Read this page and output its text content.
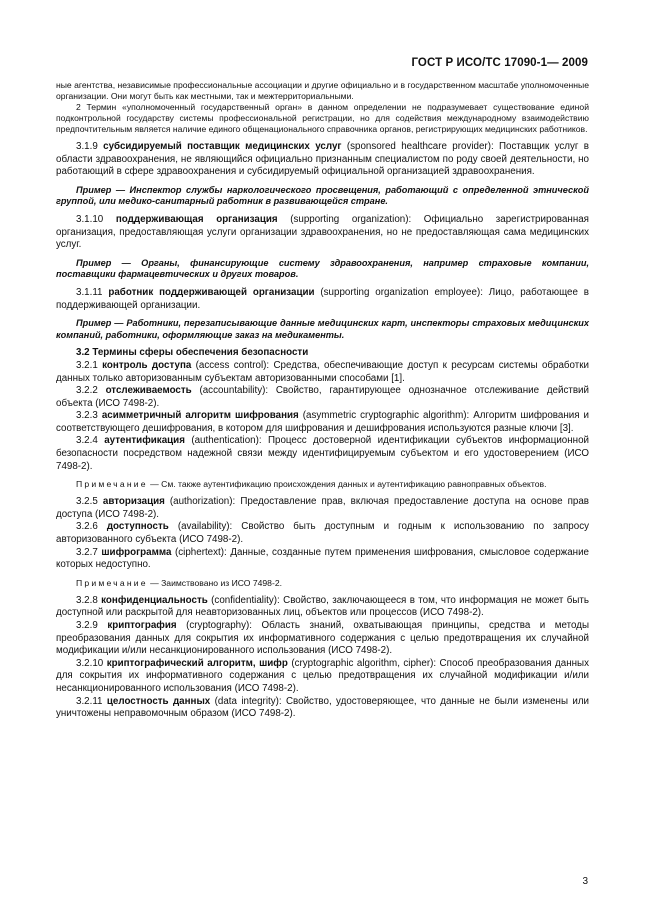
ГОСТ Р ИСО/ТС 17090-1— 2009

ные агентства, независимые профессиональные ассоциации и другие официально и в государственном масштабе уполномоченные организации. Они могут быть как местными, так и межтерриториальными.

2 Термин «уполномоченный государственный орган» в данном определении не подразумевает существование единой подконтрольной государству системы профессиональной регистрации, но для содействия международному взаимодействию предпочтительным является наличие единого общенационального справочника органов, регистрирующих медицинских работников.

3.1.9 субсидируемый поставщик медицинских услуг (sponsored healthcare provider): Поставщик услуг в области здравоохранения, не являющийся официально признанным специалистом по роду своей деятельности, но работающий в сфере здравоохранения и субсидируемый официальной организацией здравоохранения.

Пример — Инспектор службы наркологического просвещения, работающий с определенной этнической группой, или медико-санитарный работник в развивающейся стране.

3.1.10 поддерживающая организация (supporting organization): Официально зарегистрированная организация, предоставляющая услуги организации здравоохранения, но не предоставляющая сама медицинских услуг.

Пример — Органы, финансирующие систему здравоохранения, например страховые компании, поставщики фармацевтических и других товаров.

3.1.11 работник поддерживающей организации (supporting organization employee): Лицо, работающее в поддерживающей организации.

Пример — Работники, перезаписывающие данные медицинских карт, инспекторы страховых медицинских компаний, работники, оформляющие заказ на медикаменты.

3.2 Термины сферы обеспечения безопасности

3.2.1 контроль доступа (access control): Средства, обеспечивающие доступ к ресурсам системы обработки данных только авторизованным субъектам авторизованными способами [1].

3.2.2 отслеживаемость (accountability): Свойство, гарантирующее однозначное отслеживание действий объекта (ИСО 7498-2).

3.2.3 асимметричный алгоритм шифрования (asymmetric cryptographic algorithm): Алгоритм шифрования и соответствующего дешифрования, в котором для шифрования и дешифрования используются разные ключи [3].

3.2.4 аутентификация (authentication): Процесс достоверной идентификации субъектов информационной безопасности посредством надежной связи между идентифицируемым субъектом и его удостоверением (ИСО 7498-2).

Примечание — См. также аутентификацию происхождения данных и аутентификацию равноправных объектов.

3.2.5 авторизация (authorization): Предоставление прав, включая предоставление доступа на основе прав доступа (ИСО 7498-2).

3.2.6 доступность (availability): Свойство быть доступным и годным к использованию по запросу авторизованного субъекта (ИСО 7498-2).

3.2.7 шифрограмма (ciphertext): Данные, созданные путем применения шифрования, смысловое содержание которых недоступно.

Примечание — Заимствовано из ИСО 7498-2.

3.2.8 конфиденциальность (confidentiality): Свойство, заключающееся в том, что информация не может быть доступной или раскрытой для неавторизованных лиц, объектов или процессов (ИСО 7498-2).

3.2.9 криптография (cryptography): Область знаний, охватывающая принципы, средства и методы преобразования данных для сокрытия их информативного содержания с целью предотвращения их случайной модификации и/или несанкционированного использования (ИСО 7498-2).

3.2.10 криптографический алгоритм, шифр (cryptographic algorithm, cipher): Способ преобразования данных для сокрытия их информативного содержания с целью предотвращения их случайной модификации и/или несанкционированного использования (ИСО 7498-2).

3.2.11 целостность данных (data integrity): Свойство, удостоверяющее, что данные не были изменены или уничтожены неправомочным образом (ИСО 7498-2).

3
